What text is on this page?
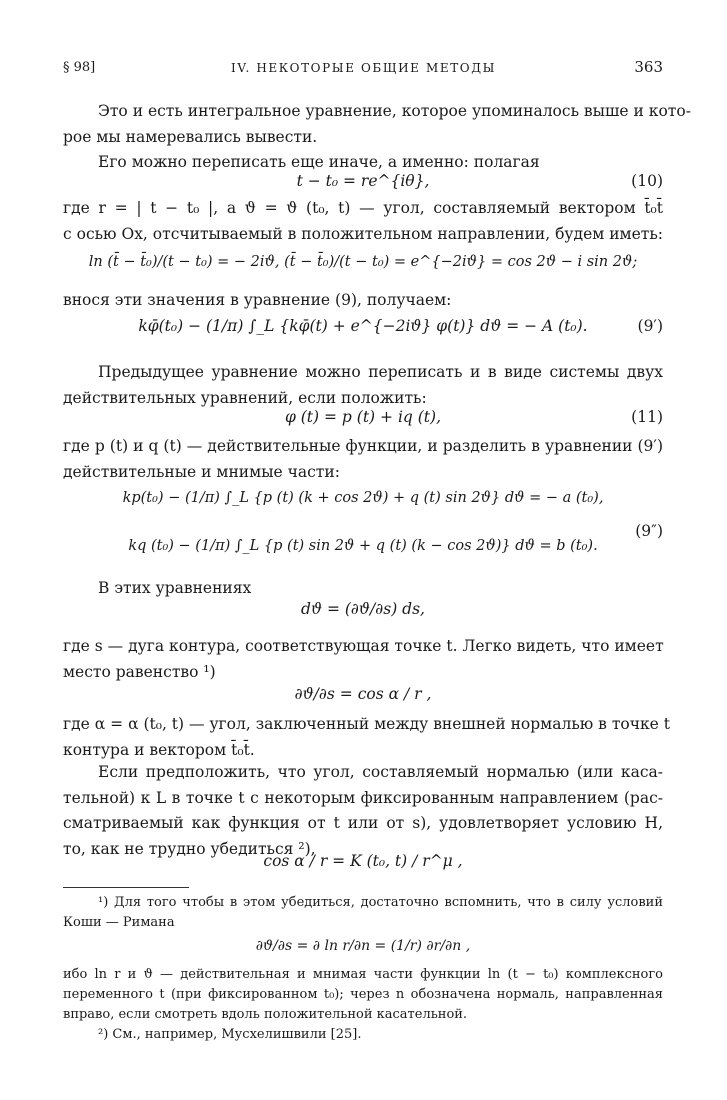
§ 98]	IV. НЕКОТОРЫЕ ОБЩИЕ МЕТОДЫ	363
Это и есть интегральное уравнение, которое упоминалось выше и кото-
рое мы намеревались вывести.
Его можно переписать еще иначе, а именно: полагая
t − t₀ = re^{iθ},	(10)
где r = | t − t₀ |, а ϑ = ϑ (t₀, t) — угол, составляемый вектором t̄₀t̄
с осью Ox, отсчитываемый в положительном направлении, будем иметь:
ln (t̄ − t̄₀)/(t − t₀) = − 2iϑ, (t̄ − t̄₀)/(t − t₀) = e^{−2iϑ} = cos 2ϑ − i sin 2ϑ;
внося эти значения в уравнение (9), получаем:
kφ̄(t₀) − (1/π) ∫_L {kφ̄(t) + e^{−2iϑ} φ(t)} dϑ = − A (t₀).	(9′)
Предыдущее уравнение можно переписать и в виде системы двух
действительных уравнений, если положить:
φ (t) = p (t) + iq (t),	(11)
где p (t) и q (t) — действительные функции, и разделить в уравнении (9′)
действительные и мнимые части:
kp(t₀) − (1/π) ∫_L {p (t) (k + cos 2ϑ) + q (t) sin 2ϑ} dϑ = − a (t₀),
kq (t₀) − (1/π) ∫_L {p (t) sin 2ϑ + q (t) (k − cos 2ϑ)} dϑ = b (t₀).
(9″)
В этих уравнениях
dϑ = (∂ϑ/∂s) ds,
где s — дуга контура, соответствующая точке t. Легко видеть, что имеет
место равенство ¹)
∂ϑ/∂s = cos α / r ,
где α = α (t₀, t) — угол, заключенный между внешней нормалью в точке t
контура и вектором t̄₀t̄.
Если предположить, что угол, составляемый нормалью (или каса-
тельной) к L в точке t с некоторым фиксированным направлением (рас-
сматриваемый как функция от t или от s), удовлетворяет условию H,
то, как не трудно убедиться ²),
cos α / r = K (t₀, t) / r^μ ,
¹) Для того чтобы в этом убедиться, достаточно вспомнить, что в силу условий
Коши — Римана
∂ϑ/∂s = ∂ ln r/∂n = (1/r) ∂r/∂n ,
ибо ln r и ϑ — действительная и мнимая части функции ln (t − t₀) комплексного
переменного t (при фиксированном t₀); через n обозначена нормаль, направленная
вправо, если смотреть вдоль положительной касательной.
²) См., например, Мусхелишвили [25].
